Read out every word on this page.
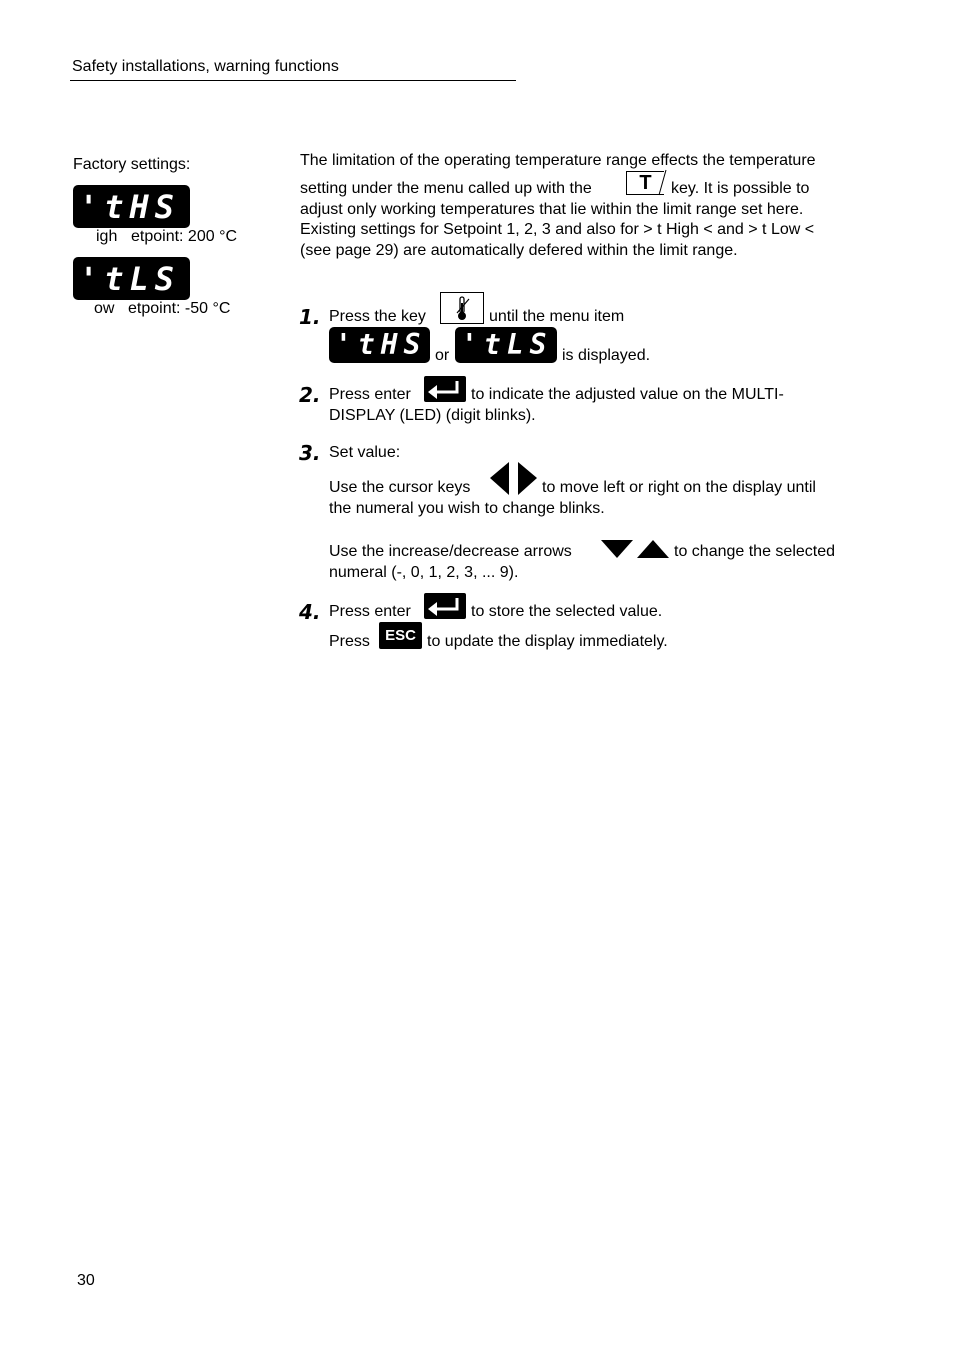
Safety installations, warning functions
Factory settings:
'tHS
igh etpoint: 200 °C
'tLS
ow etpoint: -50 °C
The limitation of the operating temperature range effects the temperature
setting under the menu called up with the T key. It is possible to
adjust only working temperatures that lie within the limit range set here.
Existing settings for Setpoint 1, 2, 3 and also for > t High < and > t Low <
(see page 29) are automatically defered within the limit range.
1. Press the key	until the menu item
'tHS or 'tLS is displayed.
2. Press enter	to indicate the adjusted value on the MULTI-
DISPLAY (LED) (digit blinks).
3. Set value:
Use the cursor keys	to move left or right on the display until
the numeral you wish to change blinks.
Use the increase/decrease arrows	to change the selected
numeral (-, 0, 1, 2, 3, ... 9).
4. Press enter	to store the selected value.
Press ESC to update the display immediately.
30
